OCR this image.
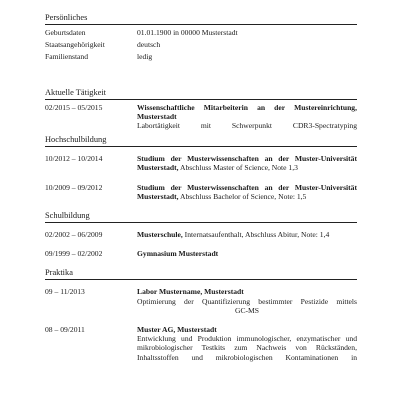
Persönliches
Geburtsdaten	01.01.1900 in 00000 Musterstadt
Staatsangehörigkeit	deutsch
Familienstand	ledig
Aktuelle Tätigkeit
02/2015 – 05/2015	Wissenschaftliche Mitarbeiterin an der Mustereinrichtung, Musterstadt

Labortätigkeit mit Schwerpunkt CDR3-Spectratyping
Hochschulbildung
10/2012 – 10/2014	Studium der Musterwissenschaften an der Muster-Universität Musterstadt, Abschluss Master of Science, Note 1,3
10/2009 – 09/2012	Studium der Musterwissenschaften an der Muster-Universität Musterstadt, Abschluss Bachelor of Science, Note: 1,5
Schulbildung
02/2002 – 06/2009	Musterschule, Internatsaufenthalt, Abschluss Abitur, Note: 1,4
09/1999 – 02/2002	Gymnasium Musterstadt
Praktika
09 – 11/2013	Labor Mustername, Musterstadt

Optimierung der Quantifizierung bestimmter Pestizide mittels
GC-MS
08 – 09/2011	Muster AG, Musterstadt

Entwicklung und Produktion immunologischer, enzymatischer und mikrobiologischer Testkits zum Nachweis von Rückständen, Inhaltsstoffen und mikrobiologischen Kontaminationen in
